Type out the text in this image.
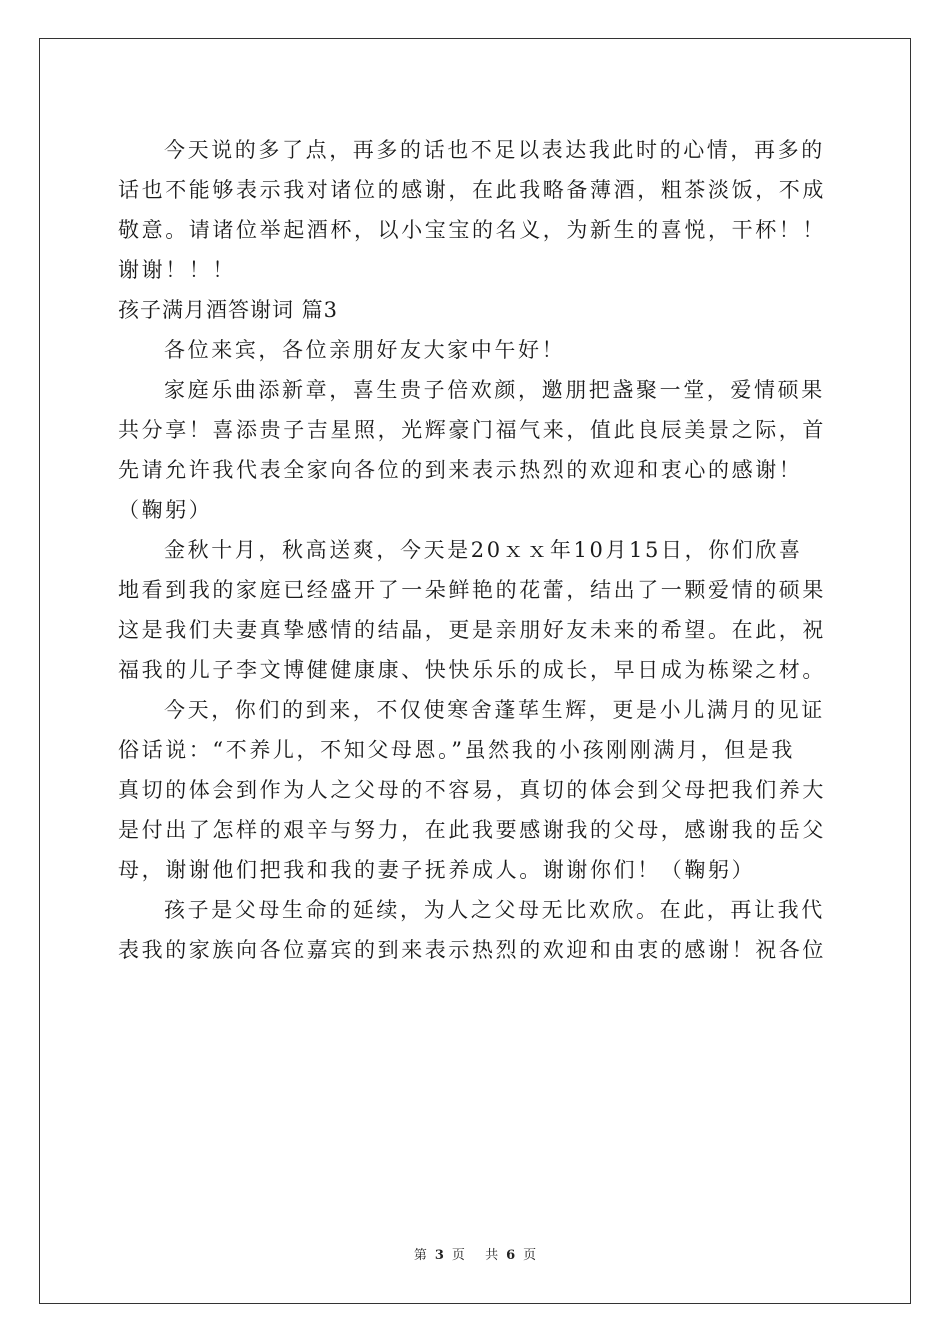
今天说的多了点，再多的话也不足以表达我此时的心情，再多的
话也不能够表示我对诸位的感谢，在此我略备薄酒，粗茶淡饭，不成
敬意。请诸位举起酒杯，以小宝宝的名义，为新生的喜悦，干杯！！
谢谢！！！
孩子满月酒答谢词 篇3
各位来宾，各位亲朋好友大家中午好！
家庭乐曲添新章，喜生贵子倍欢颜，邀朋把盏聚一堂，爱情硕果
共分享！喜添贵子吉星照，光辉豪门福气来，值此良辰美景之际，首
先请允许我代表全家向各位的到来表示热烈的欢迎和衷心的感谢！
（鞠躬）
金秋十月，秋高送爽，今天是20ｘｘ年10月15日，你们欣喜
地看到我的家庭已经盛开了一朵鲜艳的花蕾，结出了一颗爱情的硕果
这是我们夫妻真挚感情的结晶，更是亲朋好友未来的希望。在此，祝
福我的儿子李文博健健康康、快快乐乐的成长，早日成为栋梁之材。
今天，你们的到来，不仅使寒舍蓬荜生辉，更是小儿满月的见证
俗话说：“不养儿，不知父母恩。”虽然我的小孩刚刚满月，但是我
真切的体会到作为人之父母的不容易，真切的体会到父母把我们养大
是付出了怎样的艰辛与努力，在此我要感谢我的父母，感谢我的岳父
母，谢谢他们把我和我的妻子抚养成人。谢谢你们！（鞠躬）
孩子是父母生命的延续，为人之父母无比欢欣。在此，再让我代
表我的家族向各位嘉宾的到来表示热烈的欢迎和由衷的感谢！祝各位
第 3 页 共 6 页
